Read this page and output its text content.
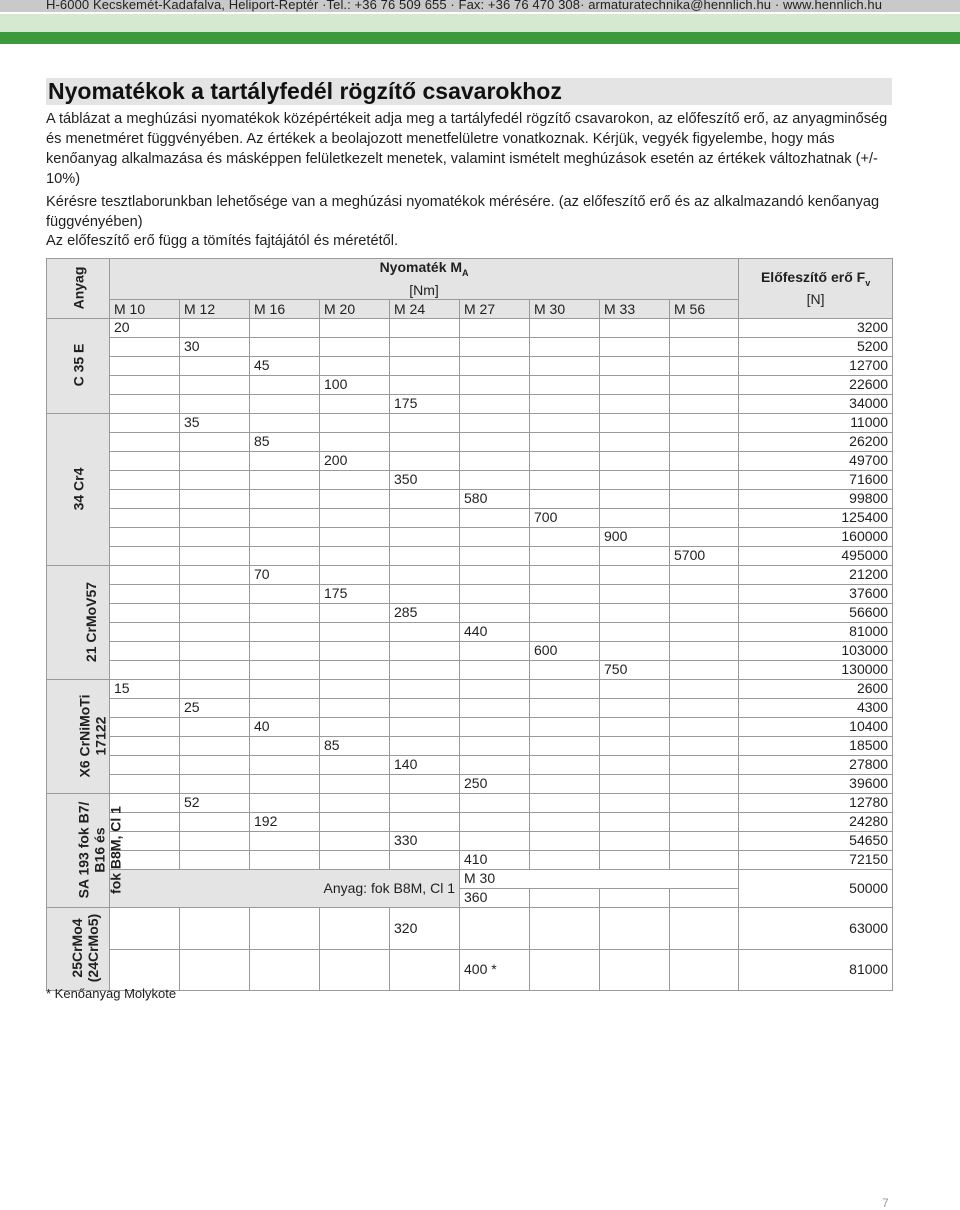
H-6000 Kecskemét-Kadafalva, Heliport-Reptér ·Tel.: +36 76 509 655 · Fax: +36 76 470 308· armaturatechnika@hennlich.hu · www.hennlich.hu
Nyomatékok a tartályfedél rögzítő csavarokhoz

A táblázat a meghúzási nyomatékok középértékeit adja meg a tartályfedél rögzítő csavarokon, az előfeszítő erő, az anyagminőség és menetméret függvényében. Az értékek a beolajozott menetfelületre vonatkoznak. Kérjük, vegyék figyelembe, hogy más kenőanyag alkalmazása és másképpen felületkezelt menetek, valamint ismételt meghúzások esetén az értékek változhatnak (+/- 10%)

Kérésre tesztlaborunkban lehetősége van a meghúzási nyomatékok mérésére. (az előfeszítő erő és az alkalmazandó kenőanyag függvényében)

Az előfeszítő erő függ a tömítés fajtájától és méretétől.

Anyag	Nyomaték $M_A$
[Nm]									Előfeszítő erő $F_v$
[N]
	M 10	M 12	M 16	M 20	M 24	M 27	M 30	M 33	M 56	
C 35 E	20									3200
		30								5200
			45							12700
				100						22600
					175					34000
34 Cr4		35								11000
			85							26200
				200						49700
					350					71600
						580				99800
							700			125400
								900		160000
									5700	495000
21 CrMoV57			70							21200
				175						37600
					285					56600
						440				81000
							600			103000
								750		130000
X6 CrNiMoTi
17122	15									2600
		25								4300
			40							10400
				85						18500
					140					27800
						250				39600
SA 193 fok B7/
B16 és
fok B8M, Cl 1		52								12780
			192							24280
					330					54650
						410				72150
	Anyag: fok B8M, Cl 1					M 30				50000
						360				
25CrMo4
(24CrMo5)					320					63000
						400 *				81000
* Kenőanyag Molykote
7
